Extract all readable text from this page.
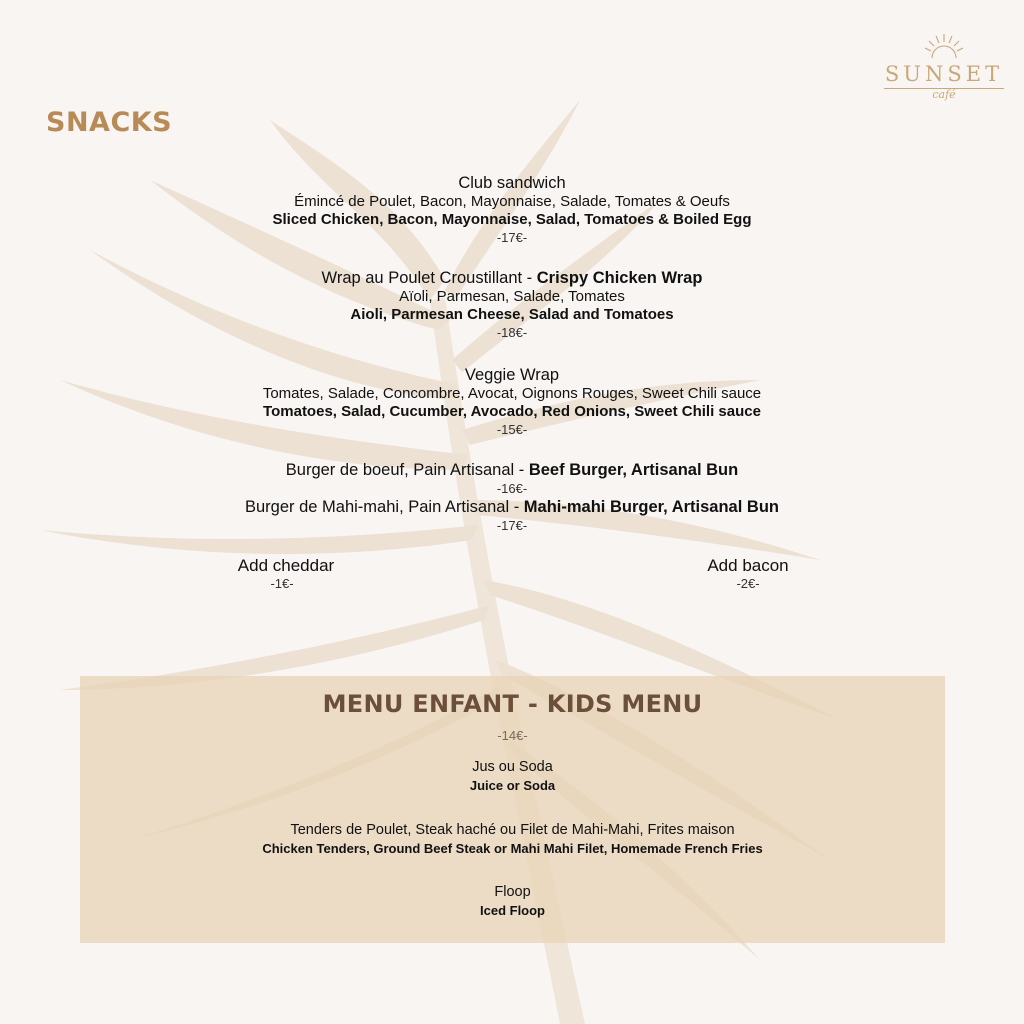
SUNSET
café
SNACKS
Club sandwich
Émincé de Poulet, Bacon, Mayonnaise, Salade, Tomates & Oeufs
Sliced Chicken, Bacon, Mayonnaise, Salad, Tomatoes & Boiled Egg
-17€-
Wrap au Poulet Croustillant - Crispy Chicken Wrap
Aïoli, Parmesan, Salade, Tomates
Aioli, Parmesan Cheese, Salad and Tomatoes
-18€-
Veggie Wrap
Tomates, Salade, Concombre, Avocat, Oignons Rouges, Sweet Chili sauce
Tomatoes, Salad, Cucumber, Avocado, Red Onions, Sweet Chili sauce
-15€-
Burger de boeuf, Pain Artisanal - Beef Burger, Artisanal Bun
-16€-
Burger de Mahi-mahi, Pain Artisanal - Mahi-mahi Burger, Artisanal Bun
-17€-
Add cheddar
-1€-
Add bacon
-2€-
MENU ENFANT - KIDS MENU
-14€-
Jus ou Soda
Juice or Soda
Tenders de Poulet, Steak haché ou Filet de Mahi-Mahi, Frites maison
Chicken Tenders, Ground Beef Steak or Mahi Mahi Filet, Homemade French Fries
Floop
Iced Floop
